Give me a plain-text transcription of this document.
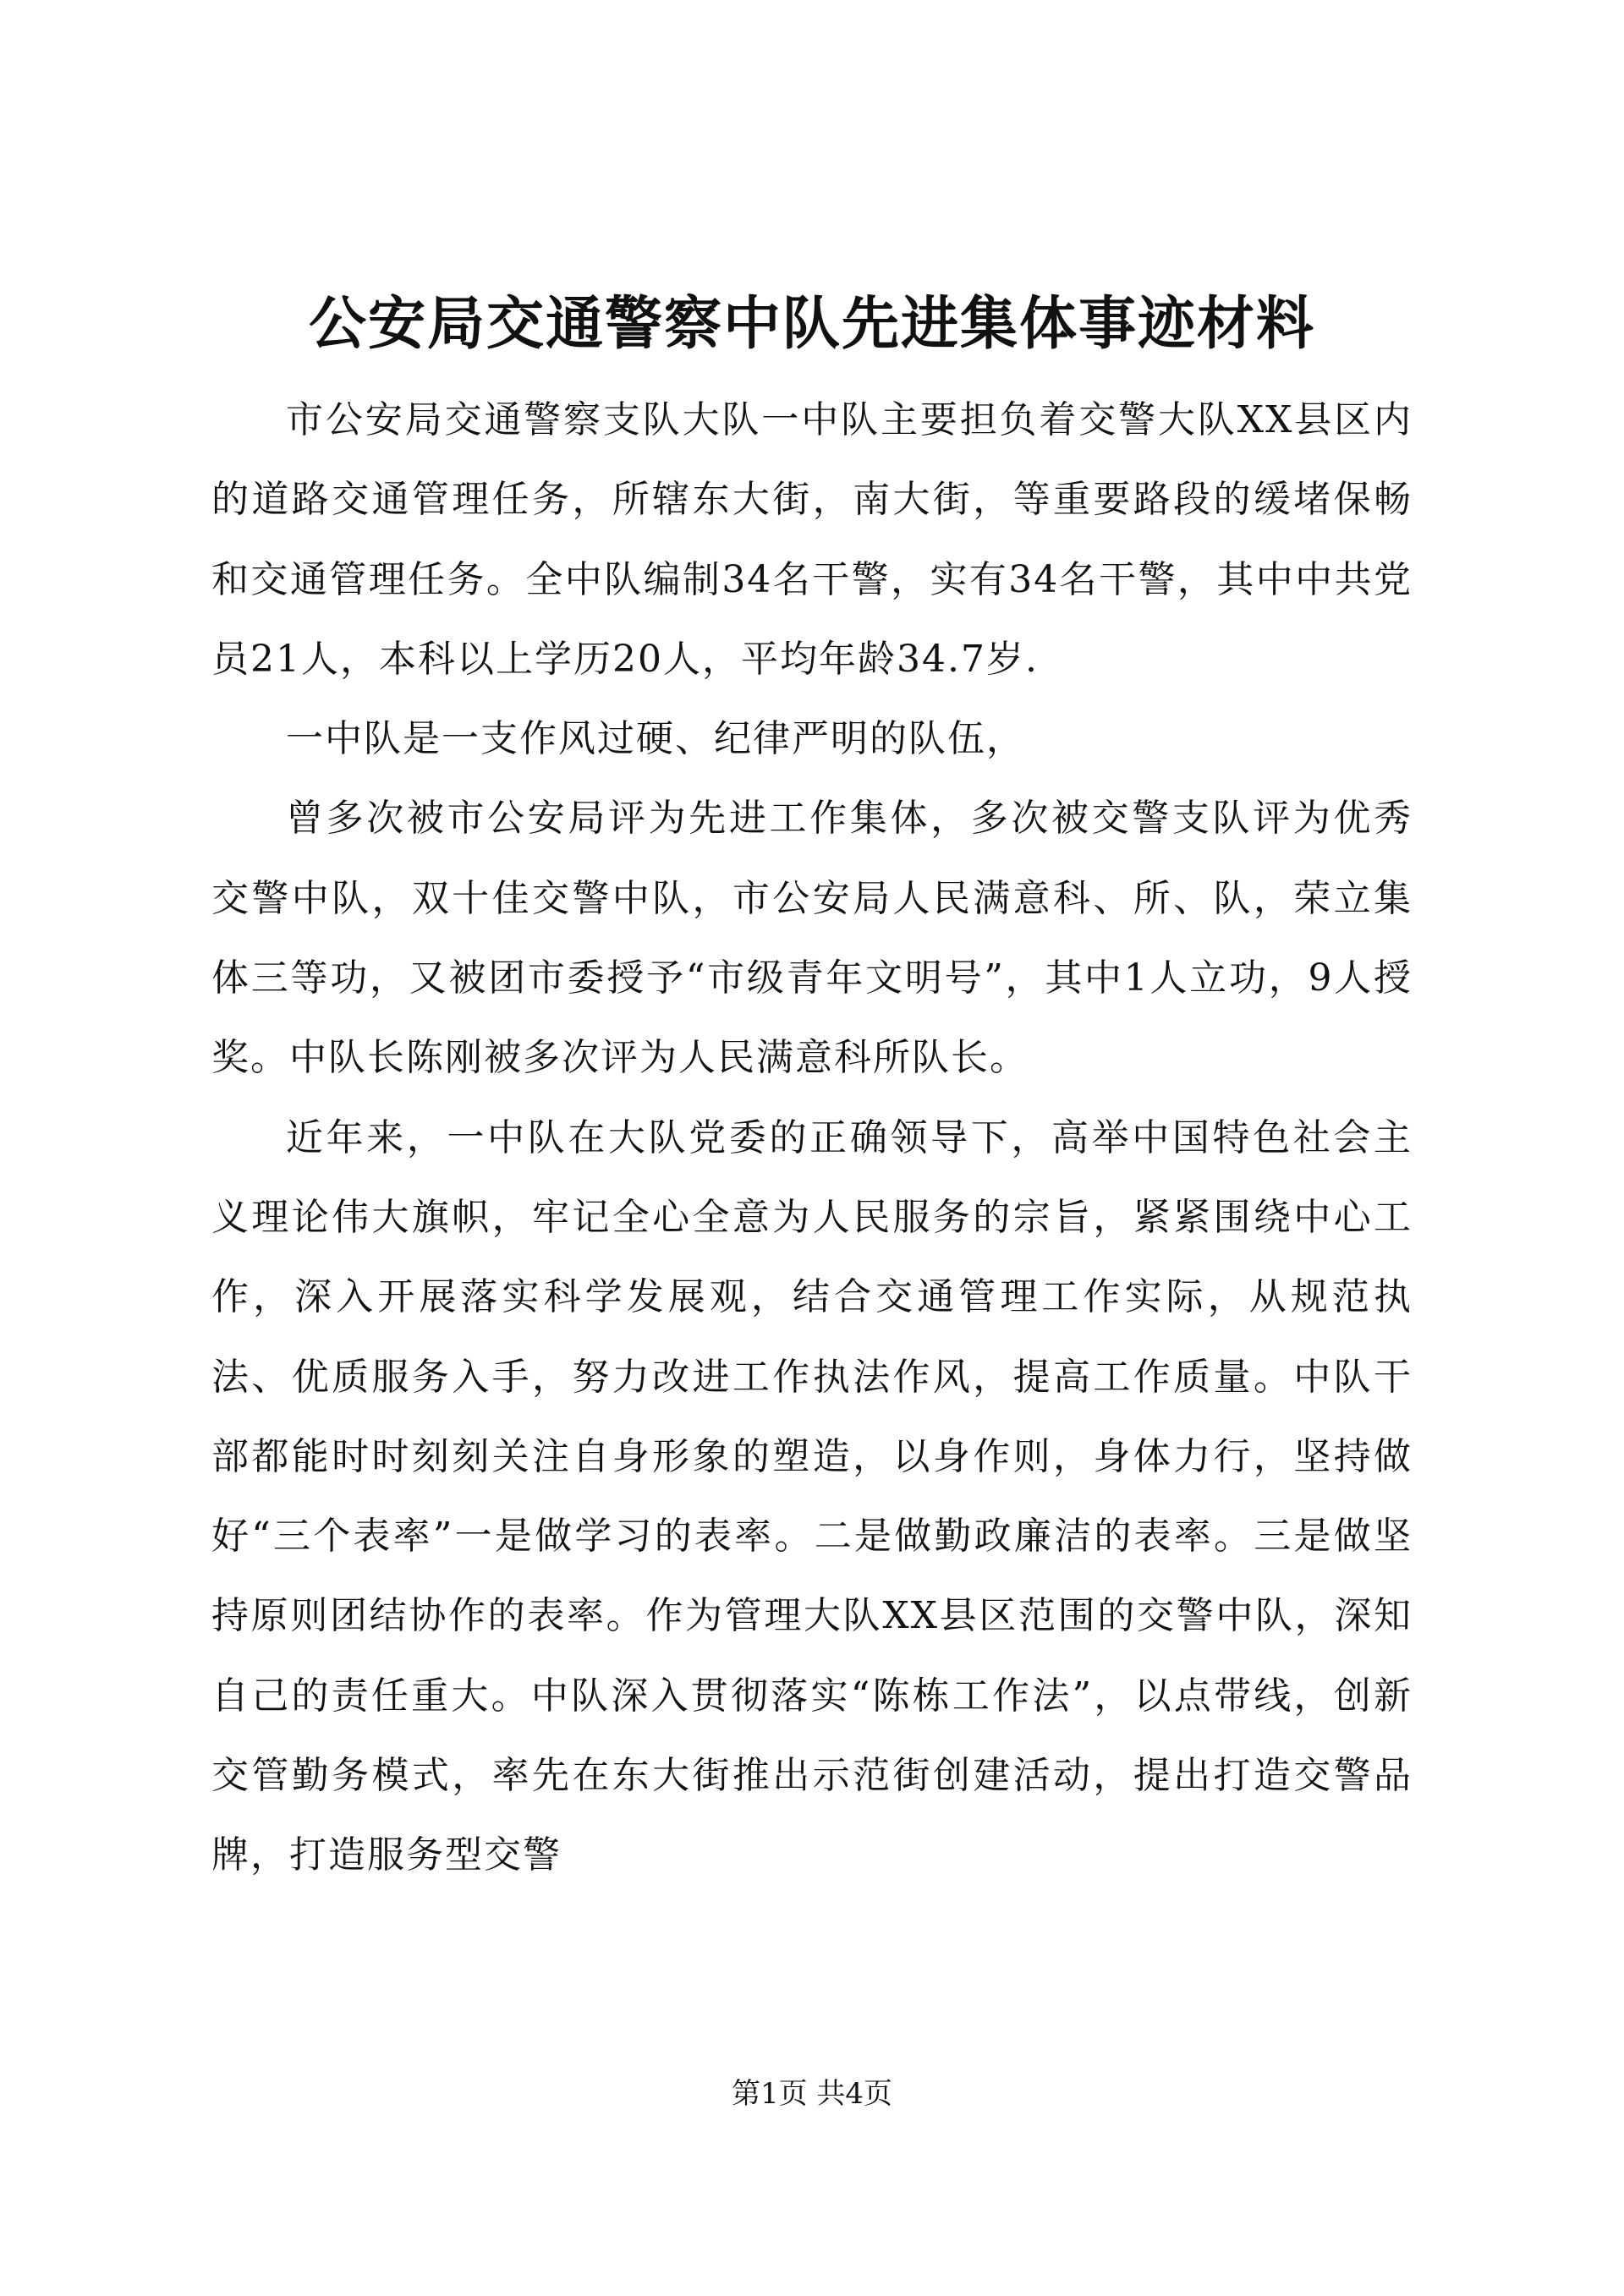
公安局交通警察中队先进集体事迹材料

市公安局交通警察支队大队一中队主要担负着交警大队XX县区内的道路交通管理任务，所辖东大街，南大街，等重要路段的缓堵保畅和交通管理任务。全中队编制34名干警，实有34名干警，其中中共党员21人，本科以上学历20人，平均年龄34.7岁.

一中队是一支作风过硬、纪律严明的队伍，

曾多次被市公安局评为先进工作集体，多次被交警支队评为优秀交警中队，双十佳交警中队，市公安局人民满意科、所、队，荣立集体三等功，又被团市委授予“市级青年文明号”，其中1人立功，9人授奖。中队长陈刚被多次评为人民满意科所队长。

近年来，一中队在大队党委的正确领导下，高举中国特色社会主义理论伟大旗帜，牢记全心全意为人民服务的宗旨，紧紧围绕中心工作，深入开展落实科学发展观，结合交通管理工作实际，从规范执法、优质服务入手，努力改进工作执法作风，提高工作质量。中队干部都能时时刻刻关注自身形象的塑造，以身作则，身体力行，坚持做好“三个表率”一是做学习的表率。二是做勤政廉洁的表率。三是做坚持原则团结协作的表率。作为管理大队XX县区范围的交警中队，深知自己的责任重大。中队深入贯彻落实“陈栋工作法”，以点带线，创新交管勤务模式，率先在东大街推出示范街创建活动，提出打造交警品牌，打造服务型交警

第1页 共4页
